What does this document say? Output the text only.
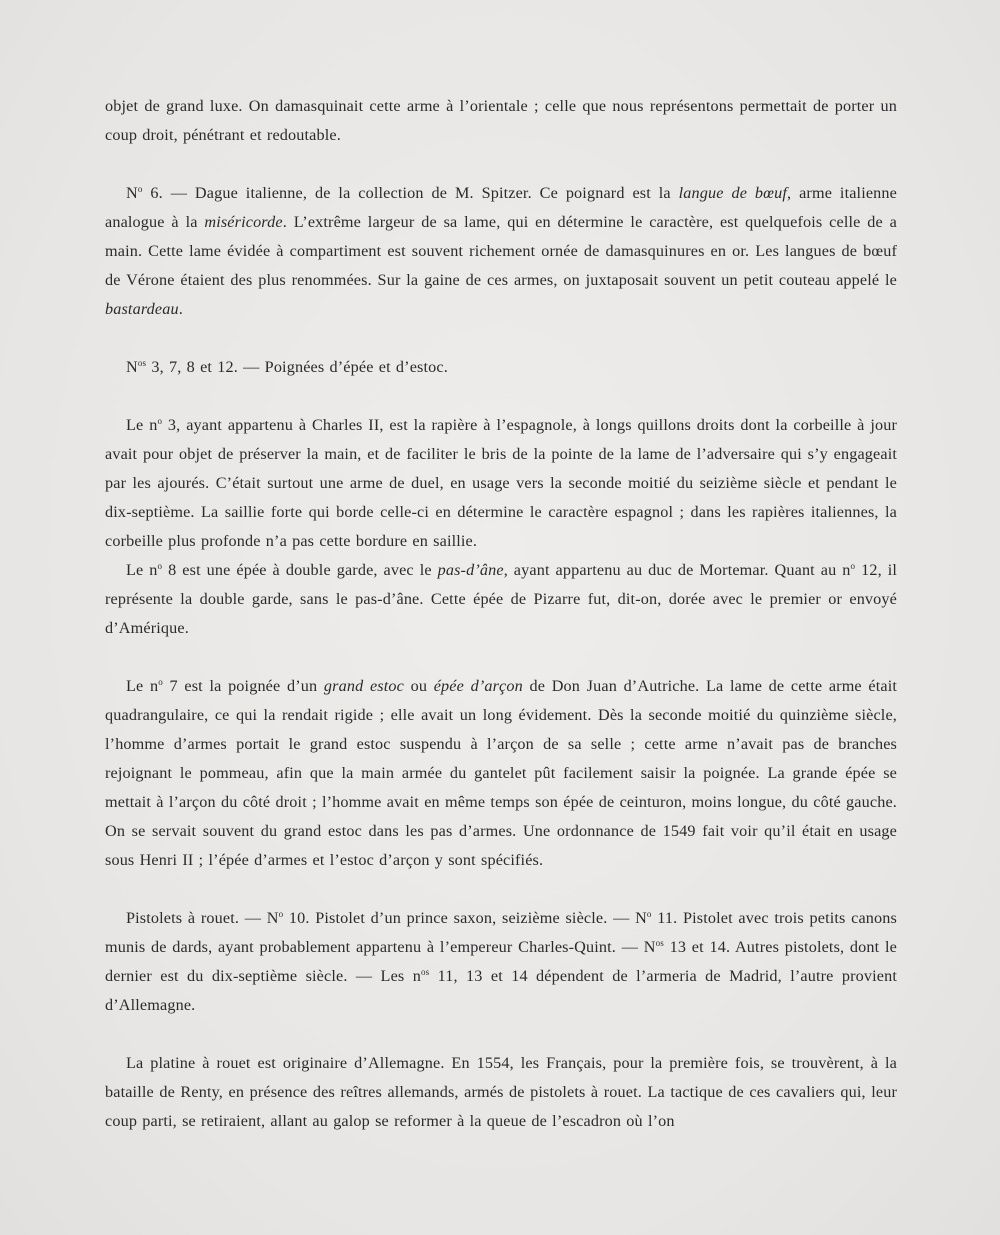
objet de grand luxe. On damasquinait cette arme à l’orientale ; celle que nous représentons permettait de porter un coup droit, pénétrant et redoutable.

$N^o$ 6. — Dague italienne, de la collection de M. Spitzer. Ce poignard est la langue de bœuf, arme italienne analogue à la miséricorde. L’extrême largeur de sa lame, qui en détermine le caractère, est quelquefois celle de a main. Cette lame évidée à compartiment est souvent richement ornée de damasquinures en or. Les langues de bœuf de Vérone étaient des plus renommées. Sur la gaine de ces armes, on juxtaposait souvent un petit couteau appelé le bastardeau.

$N^{os}$ 3, 7, 8 et 12. — Poignées d’épée et d’estoc.

Le $n^o$ 3, ayant appartenu à Charles II, est la rapière à l’espagnole, à longs quillons droits dont la corbeille à jour avait pour objet de préserver la main, et de faciliter le bris de la pointe de la lame de l’adversaire qui s’y engageait par les ajourés. C’était surtout une arme de duel, en usage vers la seconde moitié du seizième siècle et pendant le dix-septième. La saillie forte qui borde celle-ci en détermine le caractère espagnol ; dans les rapières italiennes, la corbeille plus profonde n’a pas cette bordure en saillie.

Le $n^o$ 8 est une épée à double garde, avec le pas-d’âne, ayant appartenu au duc de Mortemar. Quant au $n^o$ 12, il représente la double garde, sans le pas-d’âne. Cette épée de Pizarre fut, dit-on, dorée avec le premier or envoyé d’Amérique.

Le $n^o$ 7 est la poignée d’un grand estoc ou épée d’arçon de Don Juan d’Autriche. La lame de cette arme était quadrangulaire, ce qui la rendait rigide ; elle avait un long évidement. Dès la seconde moitié du quinzième siècle, l’homme d’armes portait le grand estoc suspendu à l’arçon de sa selle ; cette arme n’avait pas de branches rejoignant le pommeau, afin que la main armée du gantelet pût facilement saisir la poignée. La grande épée se mettait à l’arçon du côté droit ; l’homme avait en même temps son épée de ceinturon, moins longue, du côté gauche. On se servait souvent du grand estoc dans les pas d’armes. Une ordonnance de 1549 fait voir qu’il était en usage sous Henri II ; l’épée d’armes et l’estoc d’arçon y sont spécifiés.

Pistolets à rouet. — $N^o$ 10. Pistolet d’un prince saxon, seizième siècle. — $N^o$ 11. Pistolet avec trois petits canons munis de dards, ayant probablement appartenu à l’empereur Charles-Quint. — $N^{os}$ 13 et 14. Autres pistolets, dont le dernier est du dix-septième siècle. — Les $n^{os}$ 11, 13 et 14 dépendent de l’armeria de Madrid, l’autre provient d’Allemagne.

La platine à rouet est originaire d’Allemagne. En 1554, les Français, pour la première fois, se trouvèrent, à la bataille de Renty, en présence des reîtres allemands, armés de pistolets à rouet. La tactique de ces cavaliers qui, leur coup parti, se retiraient, allant au galop se reformer à la queue de l’escadron où l’on
